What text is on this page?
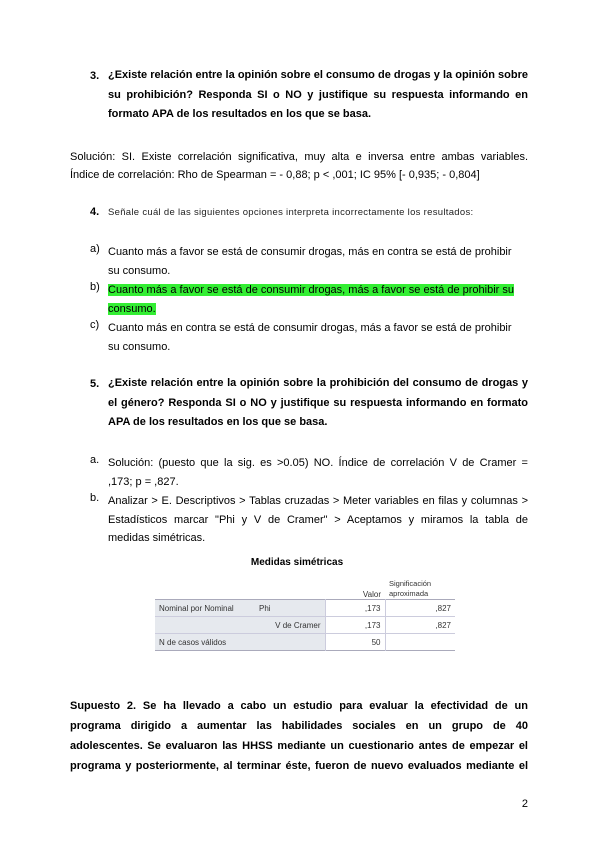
3. ¿Existe relación entre la opinión sobre el consumo de drogas y la opinión sobre su prohibición? Responda SI o NO y justifique su respuesta informando en formato APA de los resultados en los que se basa.
Solución: SI. Existe correlación significativa, muy alta e inversa entre ambas variables.
Índice de correlación: Rho de Spearman = - 0,88; p < ,001; IC 95% [- 0,935; - 0,804]
4. Señale cuál de las siguientes opciones interpreta incorrectamente los resultados:
a) Cuanto más a favor se está de consumir drogas, más en contra se está de prohibir
su consumo.
b) Cuanto más a favor se está de consumir drogas, más a favor se está de prohibir su
consumo.
c) Cuanto más en contra se está de consumir drogas, más a favor se está de prohibir
su consumo.
5. ¿Existe relación entre la opinión sobre la prohibición del consumo de drogas y el género? Responda SI o NO y justifique su respuesta informando en formato APA de los resultados en los que se basa.
a. Solución: (puesto que la sig. es >0.05) NO. Índice de correlación V de Cramer =
,173; p = ,827.
b. Analizar > E. Descriptivos > Tablas cruzadas > Meter variables en filas y columnas >
Estadísticos marcar "Phi y V de Cramer" > Aceptamos y miramos la tabla de
medidas simétricas.
Medidas simétricas
		Valor	Significación aproximada
Nominal por Nominal	Phi	,173	,827
	V de Cramer	,173	,827
N de casos válidos		50	
Supuesto 2. Se ha llevado a cabo un estudio para evaluar la efectividad de un
programa dirigido a aumentar las habilidades sociales en un grupo de 40
adolescentes. Se evaluaron las HHSS mediante un cuestionario antes de empezar el
programa y posteriormente, al terminar éste, fueron de nuevo evaluados mediante el
2
